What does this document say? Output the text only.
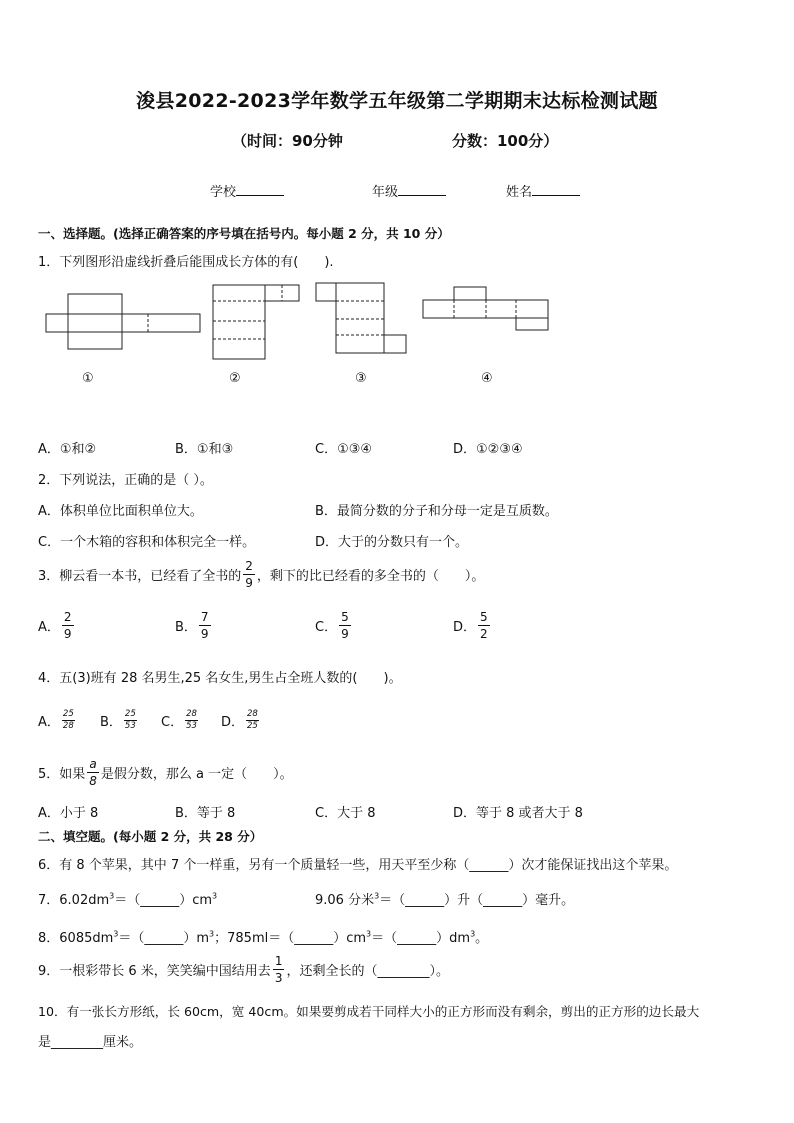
浚县2022-2023学年数学五年级第二学期期末达标检测试题
（时间：90分钟	分数：100分）
学校	年级	姓名
一、选择题。(选择正确答案的序号填在括号内。每小题 2 分，共 10 分）
1．下列图形沿虚线折叠后能围成长方体的有(　　).
①	②	③	④
A．①和②	B．①和③	C．①③④	D．①②③④
2．下列说法，正确的是（ ）。
A．体积单位比面积单位大。	B．最简分数的分子和分母一定是互质数。
C．一个木箱的容积和体积完全一样。	D．大于的分数只有一个。
3．柳云看一本书，已经看了全书的 $\frac{2}{9}$ ，剩下的比已经看的多全书的（　　）。
A． $\frac{2}{9}$	B． $\frac{7}{9}$	C． $\frac{5}{9}$	D． $\frac{5}{2}$
4．五(3)班有 28 名男生,25 名女生,男生占全班人数的(　　)。
A． $\frac{25}{28}$ B． $\frac{25}{53}$ C． $\frac{28}{53}$ D． $\frac{28}{25}$
5．如果 $\frac{a}{8}$ 是假分数，那么 a 一定（　　）。
A．小于 8	B．等于 8	C．大于 8	D．等于 8 或者大于 8
二、填空题。(每小题 2 分，共 28 分）
6．有 8 个苹果，其中 7 个一样重，另有一个质量轻一些，用天平至少称（______）次才能保证找出这个苹果。
7．$6.02dm^3=(\_\_\_\_\_\_)cm^3$	9.06 分米$^3$＝（______）升（______）毫升。
8．$6085dm^3=(\_\_\_\_\_\_)m^3$；$785ml=(\_\_\_\_\_\_)cm^3=(\_\_\_\_\_\_)dm^3$。
9．一根彩带长 6 米，笑笑编中国结用去 $\frac{1}{3}$ ，还剩全长的（________）。
10．有一张长方形纸，长 60cm，宽 40cm。如果要剪成若干同样大小的正方形而没有剩余，剪出的正方形的边长最大
是________厘米。
